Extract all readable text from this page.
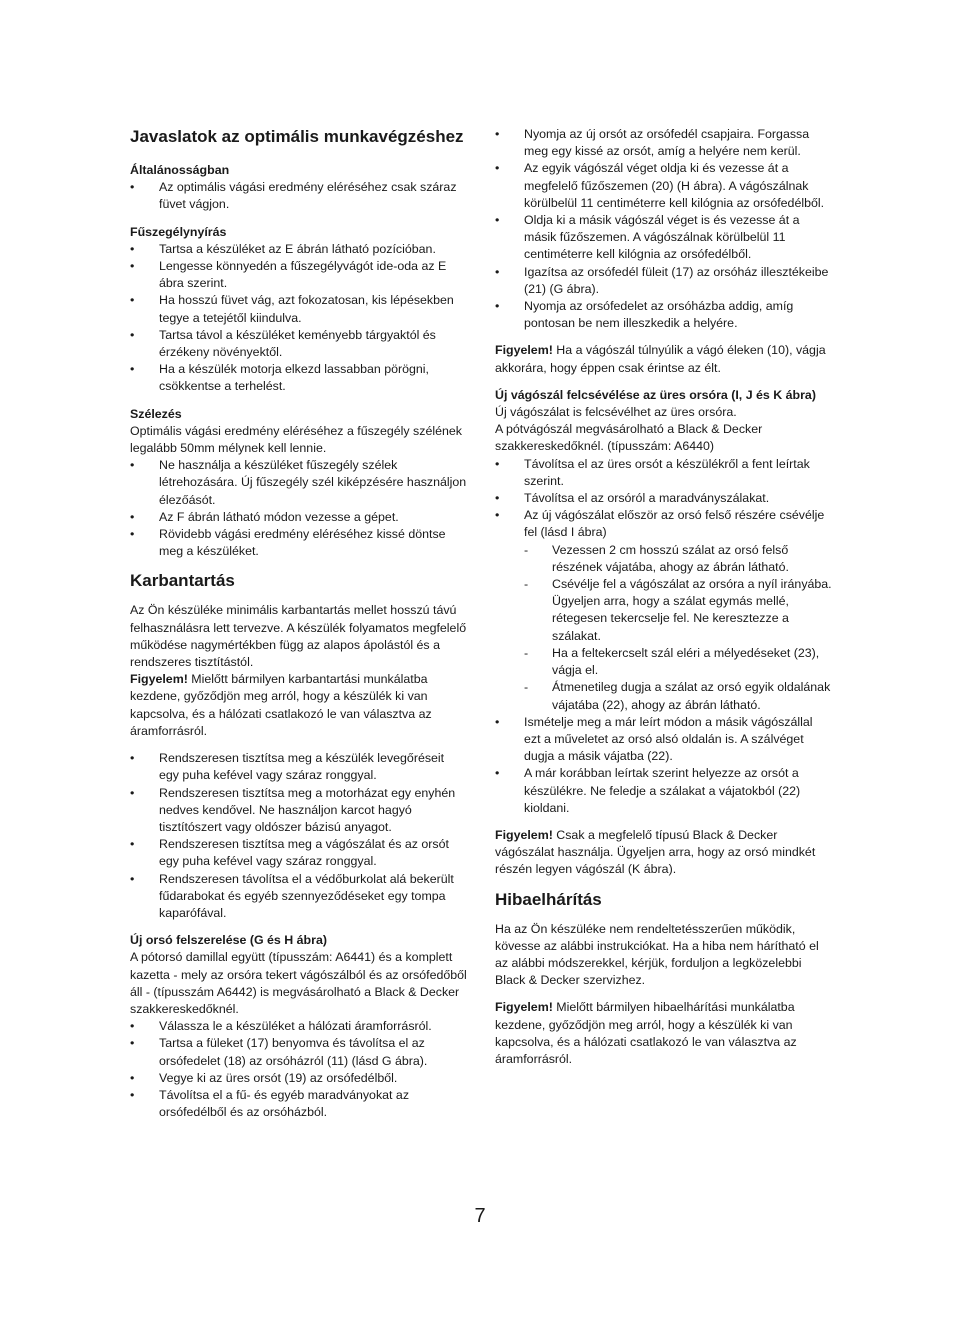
Javaslatok az optimális munkavégzéshez

Általánosságban

• Az optimális vágási eredmény eléréséhez csak száraz füvet vágjon.

Fűszegélynyírás

• Tartsa a készüléket az E ábrán látható pozícióban.
• Lengesse könnyedén a fűszegélyvágót ide-oda az E ábra szerint.
• Ha hosszú füvet vág, azt fokozatosan, kis lépésekben tegye a tetejétől kiindulva.
• Tartsa távol a készüléket keményebb tárgyaktól és érzékeny növényektől.
• Ha a készülék motorja elkezd lassabban pörögni, csökkentse a terhelést.

Szélezés

Optimális vágási eredmény eléréséhez a fűszegély szélének legalább 50mm mélynek kell lennie.

• Ne használja a készüléket fűszegély szélek létrehozására. Új fűszegély szél kiképzésére használjon élezőásót.
• Az F ábrán látható módon vezesse a gépet.
• Rövidebb vágási eredmény eléréséhez kissé döntse meg a készüléket.

Karbantartás

Az Ön készüléke minimális karbantartás mellet hosszú távú felhasználásra lett tervezve. A készülék folyamatos megfelelő működése nagymértékben függ az alapos ápolástól és a rendszeres tisztítástól.

Figyelem! Mielőtt bármilyen karbantartási munkálatba kezdene, győződjön meg arról, hogy a készülék ki van kapcsolva, és a hálózati csatlakozó le van választva az áramforrásról.

• Rendszeresen tisztítsa meg a készülék levegőréseit egy puha kefével vagy száraz ronggyal.
• Rendszeresen tisztítsa meg a motorházat egy enyhén nedves kendővel. Ne használjon karcot hagyó tisztítószert vagy oldószer bázisú anyagot.
• Rendszeresen tisztítsa meg a vágószálat és az orsót egy puha kefével vagy száraz ronggyal.
• Rendszeresen távolítsa el a védőburkolat alá bekerült fűdarabokat és egyéb szennyeződéseket egy tompa kaparófával.

Új orsó felszerelése (G és H ábra)

A pótorsó damillal együtt (típusszám: A6441) és a komplett kazetta - mely az orsóra tekert vágószálból és az orsófedőből áll - (típusszám A6442) is megvásárolható a Black & Decker szakkereskedőknél.

• Válassza le a készüléket a hálózati áramforrásról.
• Tartsa a füleket (17) benyomva és távolítsa el az orsófedelet (18) az orsóházról (11) (lásd G ábra).
• Vegye ki az üres orsót (19) az orsófedélből.
• Távolítsa el a fű- és egyéb maradványokat az orsófedélből és az orsóházból.
• Nyomja az új orsót az orsófedél csapjaira. Forgassa meg egy kissé az orsót, amíg a helyére nem kerül.
• Az egyik vágószál véget oldja ki és vezesse át a megfelelő fűzőszemen (20) (H ábra). A vágószálnak körülbelül 11 centiméterre kell kilógnia az orsófedélből.
• Oldja ki a másik vágószál véget is és vezesse át a másik fűzőszemen. A vágószálnak körülbelül 11 centiméterre kell kilógnia az orsófedélből.
• Igazítsa az orsófedél füleit (17) az orsóház illesztékeibe (21) (G ábra).
• Nyomja az orsófedelet az orsóházba addig, amíg pontosan be nem illeszkedik a helyére.

Figyelem! Ha a vágószál túlnyúlik a vágó éleken (10), vágja akkorára, hogy éppen csak érintse az élt.

Új vágószál felcsévélése az üres orsóra (I, J és K ábra)

Új vágószálat is felcsévélhet az üres orsóra.

A pótvágószál megvásárolható a Black & Decker szakkereskedőknél. (típusszám: A6440)

• Távolítsa el az üres orsót a készülékről a fent leírtak szerint.
• Távolítsa el az orsóról a maradványszálakat.
• Az új vágószálat először az orsó felső részére csévélje fel (lásd I ábra)
- Vezessen 2 cm hosszú szálat az orsó felső részének vájatába, ahogy az ábrán látható.
- Csévélje fel a vágószálat az orsóra a nyíl irányába. Ügyeljen arra, hogy a szálat egymás mellé, rétegesen tekercselje fel. Ne keresztezze a szálakat.
- Ha a feltekercselt szál eléri a mélyedéseket (23), vágja el.
- Átmenetileg dugja a szálat az orsó egyik oldalának vájatába (22), ahogy az ábrán látható.
• Ismételje meg a már leírt módon a másik vágószállal ezt a műveletet az orsó alsó oldalán is. A szálvéget dugja a másik vájatba (22).
• A már korábban leírtak szerint helyezze az orsót a készülékre. Ne feledje a szálakat a vájatokból (22) kioldani.

Figyelem! Csak a megfelelő típusú Black & Decker vágószálat használja. Ügyeljen arra, hogy az orsó mindkét részén legyen vágószál (K ábra).

Hibaelhárítás

Ha az Ön készüléke nem rendeltetésszerűen működik, kövesse az alábbi instrukciókat. Ha a hiba nem hárítható el az alábbi módszerekkel, kérjük, forduljon a legközelebbi Black & Decker szervizhez.

Figyelem! Mielőtt bármilyen hibaelhárítási munkálatba kezdene, győződjön meg arról, hogy a készülék ki van kapcsolva, és a hálózati csatlakozó le van választva az áramforrásról.

7
